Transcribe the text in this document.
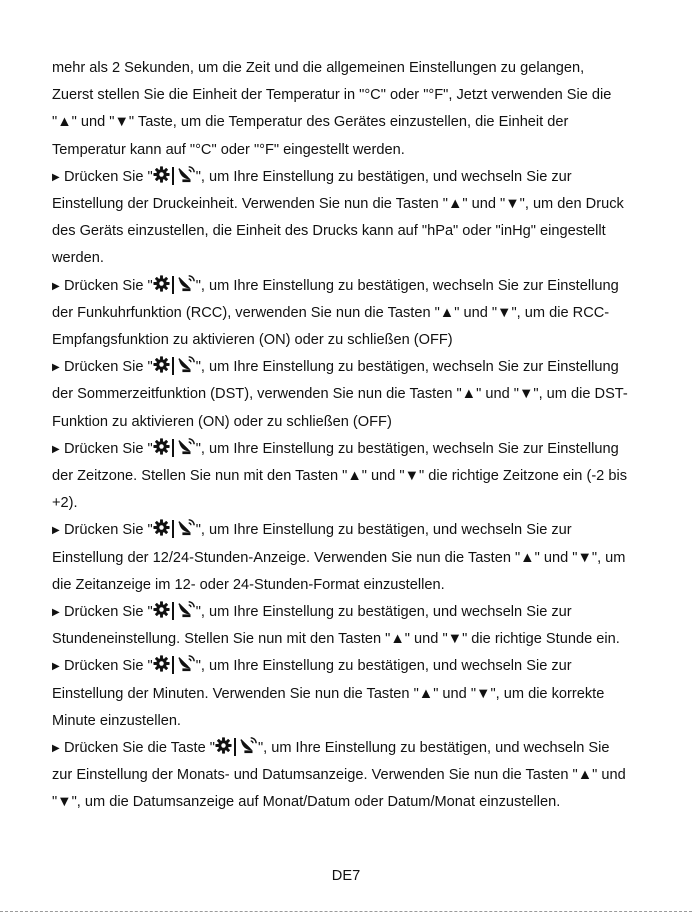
mehr als 2 Sekunden, um die Zeit und die allgemeinen Einstellungen zu gelangen,
Zuerst stellen Sie die Einheit der Temperatur in "°C" oder "°F", Jetzt verwenden Sie die
"▲" und "▼" Taste, um die Temperatur des Gerätes einzustellen, die Einheit der
Temperatur kann auf "°C" oder "°F" eingestellt werden.

▶ Drücken Sie "	", um Ihre Einstellung zu bestätigen, und wechseln Sie zur
Einstellung der Druckeinheit. Verwenden Sie nun die Tasten "▲" und "▼", um den Druck des Geräts einzustellen, die Einheit des Drucks kann auf "hPa" oder "inHg" eingestellt werden.

▶ Drücken Sie "	", um Ihre Einstellung zu bestätigen, wechseln Sie zur Einstellung
der Funkuhrfunktion (RCC), verwenden Sie nun die Tasten "▲" und "▼", um die RCC-Empfangsfunktion zu aktivieren (ON) oder zu schließen (OFF)

▶ Drücken Sie "	", um Ihre Einstellung zu bestätigen, wechseln Sie zur Einstellung
der Sommerzeitfunktion (DST), verwenden Sie nun die Tasten "▲" und "▼", um die DST-Funktion zu aktivieren (ON) oder zu schließen (OFF)

▶ Drücken Sie "	", um Ihre Einstellung zu bestätigen, wechseln Sie zur Einstellung
der Zeitzone. Stellen Sie nun mit den Tasten "▲" und "▼" die richtige Zeitzone ein (-2 bis +2).

▶ Drücken Sie "	", um Ihre Einstellung zu bestätigen, und wechseln Sie zur
Einstellung der 12/24-Stunden-Anzeige. Verwenden Sie nun die Tasten "▲" und "▼", um die Zeitanzeige im 12- oder 24-Stunden-Format einzustellen.

▶ Drücken Sie "	", um Ihre Einstellung zu bestätigen, und wechseln Sie zur
Stundeneinstellung. Stellen Sie nun mit den Tasten "▲" und "▼" die richtige Stunde ein.

▶ Drücken Sie "	", um Ihre Einstellung zu bestätigen, und wechseln Sie zur
Einstellung der Minuten. Verwenden Sie nun die Tasten "▲" und "▼", um die korrekte Minute einzustellen.

▶ Drücken Sie die Taste "	", um Ihre Einstellung zu bestätigen, und wechseln Sie
zur Einstellung der Monats- und Datumsanzeige. Verwenden Sie nun die Tasten "▲" und "▼", um die Datumsanzeige auf Monat/Datum oder Datum/Monat einzustellen.

DE7
